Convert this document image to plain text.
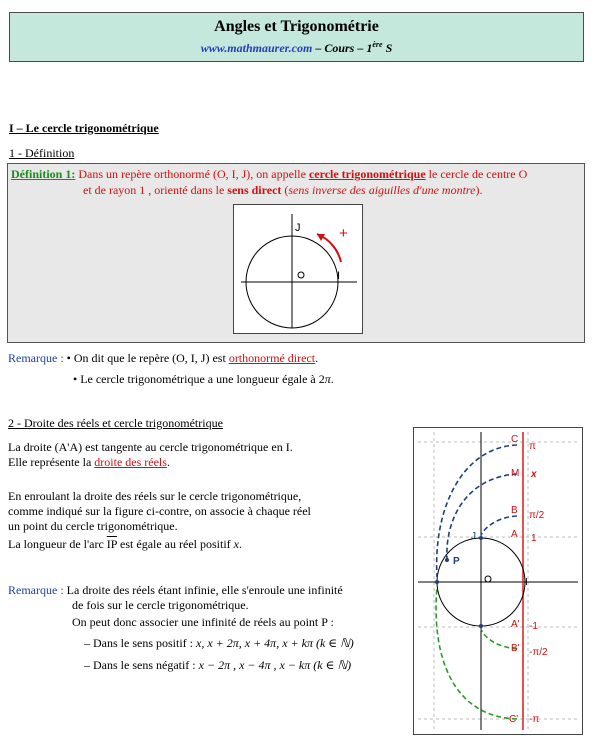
Angles et Trigonométrie
www.mathmaurer.com – Cours – 1ère S
I – Le cercle trigonométrique
1 - Définition
Définition 1: Dans un repère orthonormé (O, I, J), on appelle cercle trigonométrique le cercle de centre O
et de rayon 1 , orienté dans le sens direct (sens inverse des aiguilles d'une montre).
J
I
+
Remarque : • On dit que le repère (O, I, J) est orthonormé direct.
• Le cercle trigonométrique a une longueur égale à 2π.
2 - Droite des réels et cercle trigonométrique
La droite (A'A) est tangente au cercle trigonométrique en I.
Elle représente la droite des réels.
En enroulant la droite des réels sur le cercle trigonométrique,
comme indiqué sur la figure ci-contre, on associe à chaque réel
un point du cercle trigonométrique.
La longueur de l'arc $\overline{IP}$ est égale au réel positif x.
Remarque : La droite des réels étant infinie, elle s'enroule une infinité
de fois sur le cercle trigonométrique.
On peut donc associer une infinité de réels au point P :
– Dans le sens positif : x, x + 2π, x + 4π, x + kπ (k ∈ ℕ)
– Dans le sens négatif : x − 2π , x − 4π , x − kπ (k ∈ ℕ)
C
π
M x
B π/2
A 1
J
P
I
A' -1
B' -π/2
C' -π
